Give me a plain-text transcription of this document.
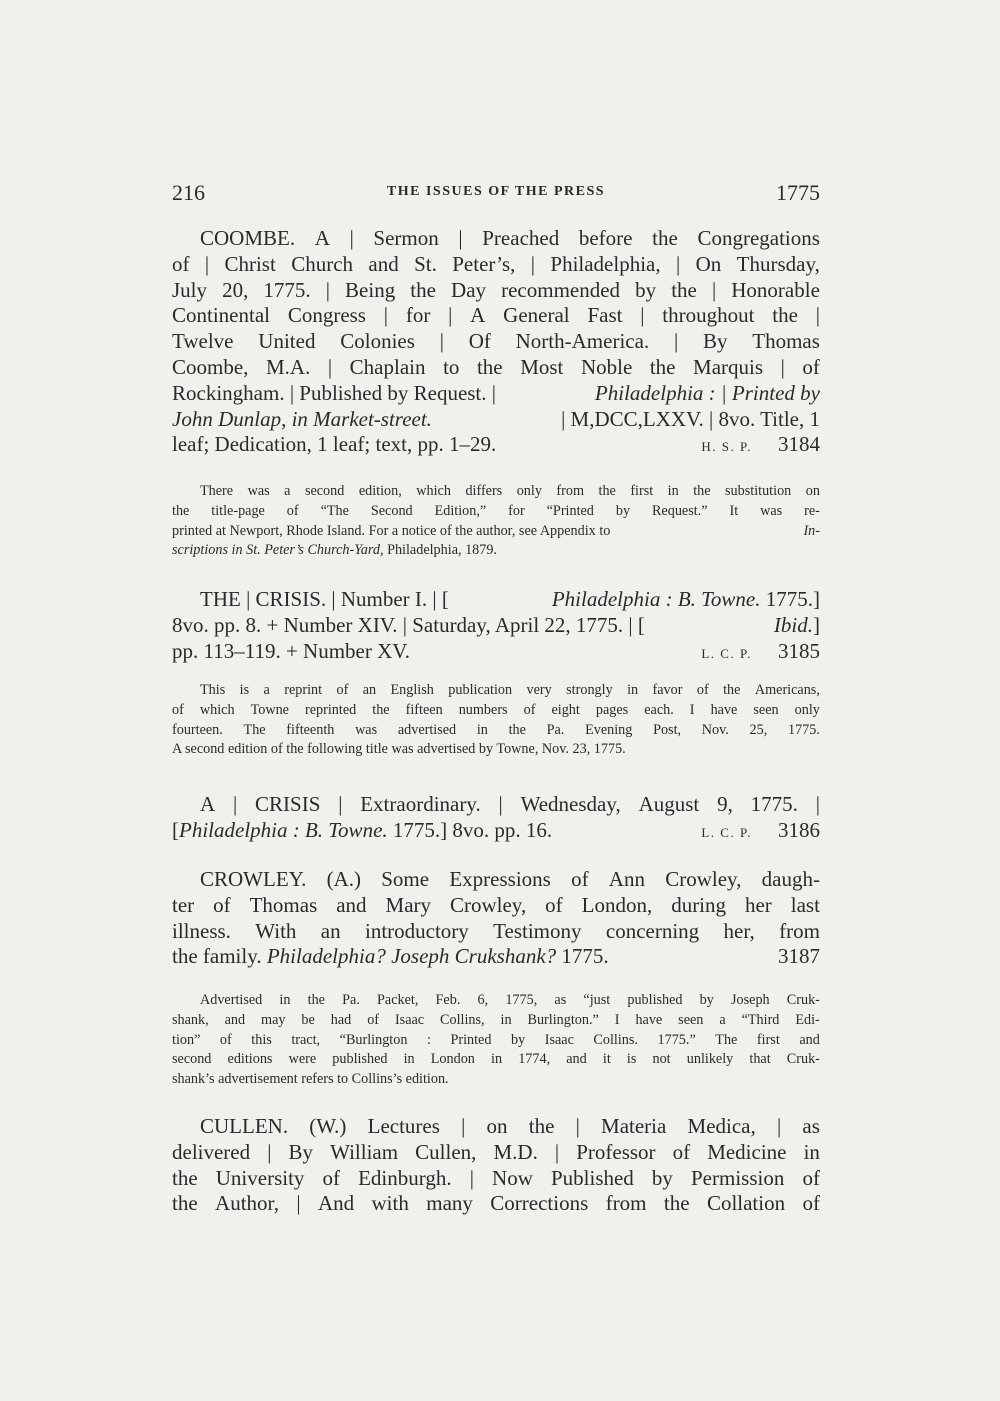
216	THE ISSUES OF THE PRESS	1775
COOMBE. A | Sermon | Preached before the Congregations
of | Christ Church and St. Peter’s, | Philadelphia, | On Thursday,
July 20, 1775. | Being the Day recommended by the | Honorable
Continental Congress | for | A General Fast | throughout the |
Twelve United Colonies | Of North-America. | By Thomas
Coombe, M.A. | Chaplain to the Most Noble the Marquis | of
Rockingham. | Published by Request. |	Philadelphia : | Printed by
John Dunlap, in Market-street.	| M,DCC,LXXV. | 8vo. Title, 1
leaf; Dedication, 1 leaf; text, pp. 1–29.	H. S. P. 3184
There was a second edition, which differs only from the first in the substitution on
the title-page of “The Second Edition,” for “Printed by Request.” It was re-
printed at Newport, Rhode Island. For a notice of the author, see Appendix to	In-
scriptions in St. Peter’s Church-Yard, Philadelphia, 1879.
THE | CRISIS. | Number I. | [	Philadelphia : B. Towne. 1775.]
8vo. pp. 8. + Number XIV. | Saturday, April 22, 1775. | [	Ibid.]
pp. 113–119. + Number XV.	L. C. P. 3185
This is a reprint of an English publication very strongly in favor of the Americans,
of which Towne reprinted the fifteen numbers of eight pages each. I have seen only
fourteen. The fifteenth was advertised in the Pa. Evening Post, Nov. 25, 1775.
A second edition of the following title was advertised by Towne, Nov. 23, 1775.
A | CRISIS | Extraordinary. | Wednesday, August 9, 1775. |
[Philadelphia : B. Towne. 1775.] 8vo. pp. 16.	L. C. P. 3186
CROWLEY. (A.) Some Expressions of Ann Crowley, daugh-
ter of Thomas and Mary Crowley, of London, during her last
illness. With an introductory Testimony concerning her, from
the family. Philadelphia? Joseph Crukshank? 1775.	3187
Advertised in the Pa. Packet, Feb. 6, 1775, as “just published by Joseph Cruk-
shank, and may be had of Isaac Collins, in Burlington.” I have seen a “Third Edi-
tion” of this tract, “Burlington : Printed by Isaac Collins. 1775.” The first and
second editions were published in London in 1774, and it is not unlikely that Cruk-
shank’s advertisement refers to Collins’s edition.
CULLEN. (W.) Lectures | on the | Materia Medica, | as
delivered | By William Cullen, M.D. | Professor of Medicine in
the University of Edinburgh. | Now Published by Permission of
the Author, | And with many Corrections from the Collation of
